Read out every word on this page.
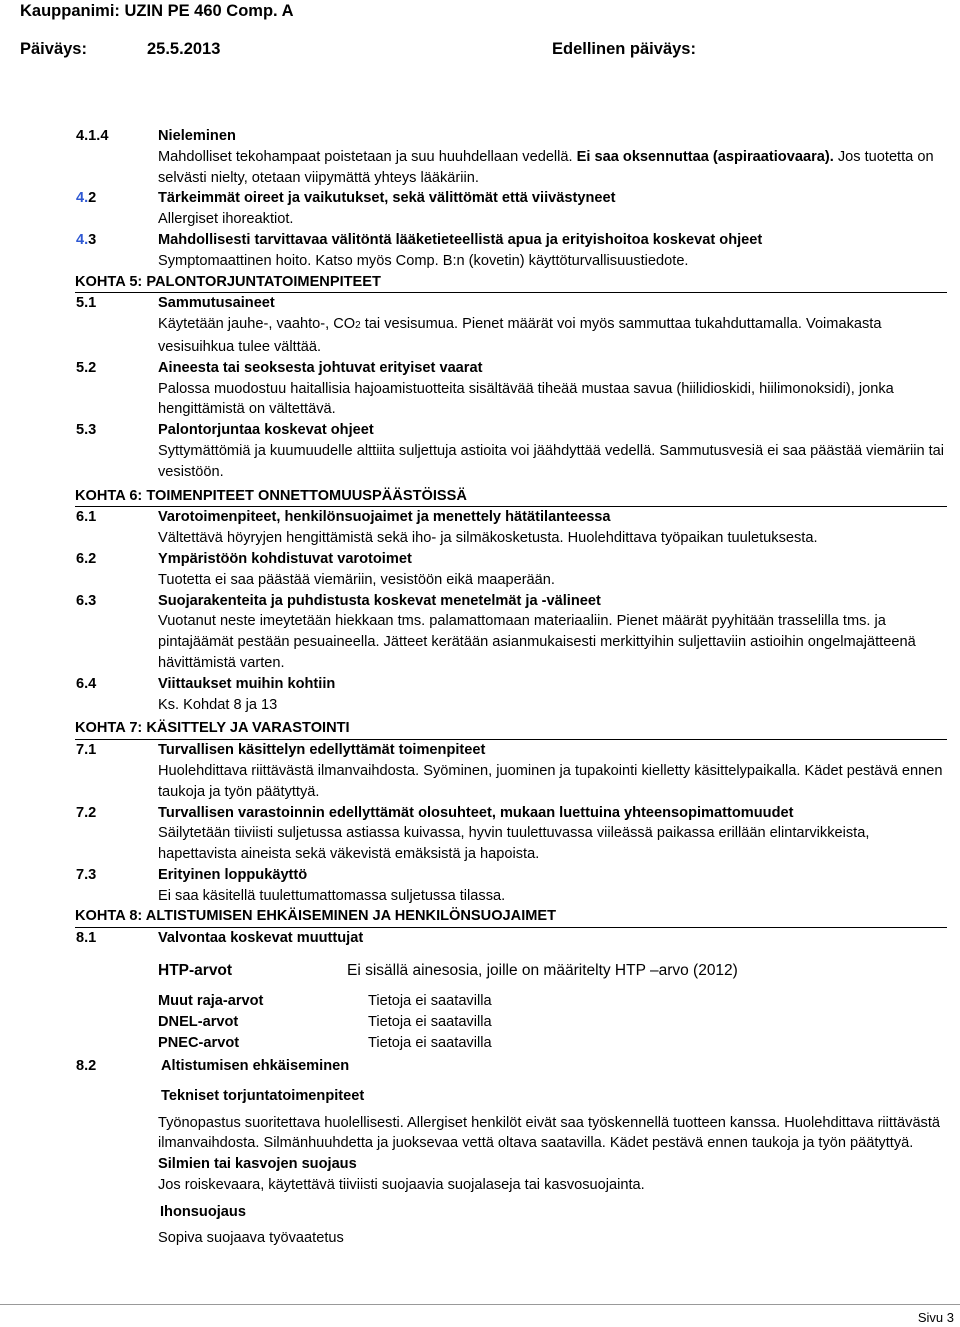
Kauppanimi: UZIN PE 460 Comp. A
Päiväys:	25.5.2013	Edellinen päiväys:
4.1.4	Nieleminen
Mahdolliset tekohampaat poistetaan ja suu huuhdellaan vedellä. Ei saa oksennuttaa (aspiraatiovaara). Jos tuotetta on selvästi nielty, otetaan viipymättä yhteys lääkäriin.
4.2	Tärkeimmät oireet ja vaikutukset, sekä välittömät että viivästyneet
Allergiset ihoreaktiot.
4.3	Mahdollisesti tarvittavaa välitöntä lääketieteellistä apua ja erityishoitoa koskevat ohjeet
Symptomaattinen hoito. Katso myös Comp. B:n (kovetin) käyttöturvallisuustiedote.
KOHTA 5: PALONTORJUNTATOIMENPITEET
5.1	Sammutusaineet
Käytetään jauhe-, vaahto-, CO2 tai vesisumua. Pienet määrät voi myös sammuttaa tukahduttamalla. Voimakasta vesisuihkua tulee välttää.
5.2	Aineesta tai seoksesta johtuvat erityiset vaarat
Palossa muodostuu haitallisia hajoamistuotteita sisältävää tiheää mustaa savua (hiilidioskidi, hiilimonoksidi), jonka hengittämistä on vältettävä.
5.3	Palontorjuntaa koskevat ohjeet
Syttymättömiä ja kuumuudelle alttiita suljettuja astioita voi jäähdyttää vedellä. Sammutusvesiä ei saa päästää viemäriin tai vesistöön.
KOHTA 6: TOIMENPITEET ONNETTOMUUSPÄÄSTÖISSÄ
6.1	Varotoimenpiteet, henkilönsuojaimet ja menettely hätätilanteessa
Vältettävä höyryjen hengittämistä sekä iho- ja silmäkosketusta. Huolehdittava työpaikan tuuletuksesta.
6.2	Ympäristöön kohdistuvat varotoimet
Tuotetta ei saa päästää viemäriin, vesistöön eikä maaperään.
6.3	Suojarakenteita ja puhdistusta koskevat menetelmät ja -välineet
Vuotanut neste imeytetään hiekkaan tms. palamattomaan materiaaliin. Pienet määrät pyyhitään trasselilla tms. ja pintajäämät pestään pesuaineella. Jätteet kerätään asianmukaisesti merkittyihin suljettaviin astioihin ongelmajätteenä hävittämistä varten.
6.4	Viittaukset muihin kohtiin
Ks. Kohdat 8 ja 13
KOHTA 7: KÄSITTELY JA VARASTOINTI
7.1	Turvallisen käsittelyn edellyttämät toimenpiteet
Huolehdittava riittävästä ilmanvaihdosta. Syöminen, juominen ja tupakointi kielletty käsittelypaikalla. Kädet pestävä ennen taukoja ja työn päätyttyä.
7.2	Turvallisen varastoinnin edellyttämät olosuhteet, mukaan luettuina yhteensopimattomuudet
Säilytetään tiiviisti suljetussa astiassa kuivassa, hyvin tuulettuvassa viileässä paikassa erillään elintarvikkeista, hapettavista aineista sekä väkevistä emäksistä ja hapoista.
7.3	Erityinen loppukäyttö
Ei saa käsitellä tuulettumattomassa suljetussa tilassa.
KOHTA 8: ALTISTUMISEN EHKÄISEMINEN JA HENKILÖNSUOJAIMET
8.1	Valvontaa koskevat muuttujat
HTP-arvot	Ei sisällä ainesosia, joille on määritelty HTP –arvo (2012)
Muut raja-arvot	Tietoja ei saatavilla
DNEL-arvot	Tietoja ei saatavilla
PNEC-arvot	Tietoja ei saatavilla
8.2	Altistumisen ehkäiseminen
Tekniset torjuntatoimenpiteet
Työnopastus suoritettava huolellisesti. Allergiset henkilöt eivät saa työskennellä tuotteen kanssa. Huolehdittava riittävästä ilmanvaihdosta. Silmänhuuhdetta ja juoksevaa vettä oltava saatavilla. Kädet pestävä ennen taukoja ja työn päätyttyä.
Silmien tai kasvojen suojaus
Jos roiskevaara, käytettävä tiiviisti suojaavia suojalaseja tai kasvosuojainta.
Ihonsuojaus
Sopiva suojaava työvaatetus
Sivu 3
